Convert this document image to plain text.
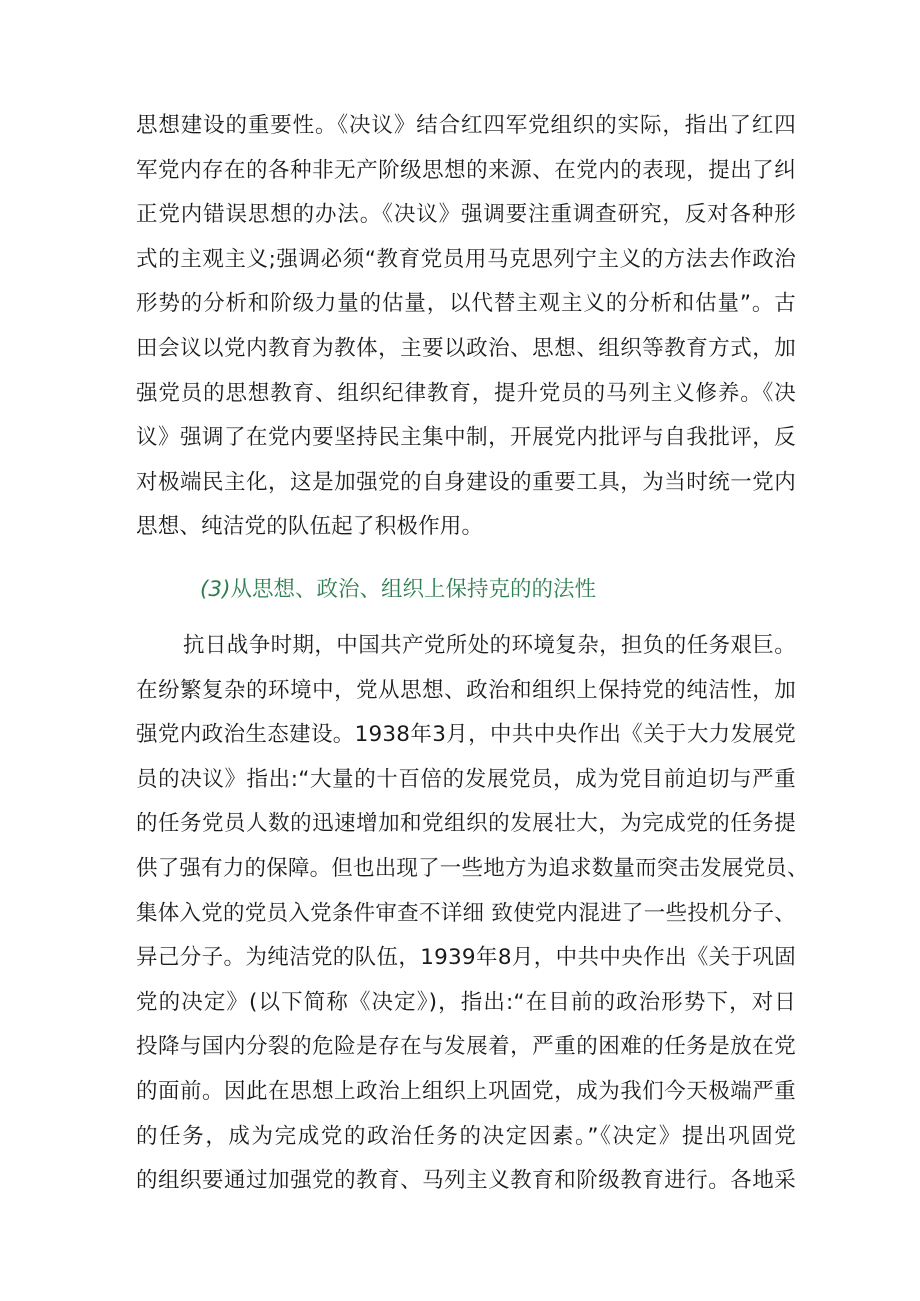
思想建设的重要性。《决议》结合红四军党组织的实际，指出了红四
军党内存在的各种非无产阶级思想的来源、在党内的表现，提出了纠
正党内错误思想的办法。《决议》强调要注重调查研究，反对各种形
式的主观主义;强调必须“教育党员用马克思列宁主义的方法去作政治
形势的分析和阶级力量的估量，以代替主观主义的分析和估量”。古
田会议以党内教育为教体，主要以政治、思想、组织等教育方式，加
强党员的思想教育、组织纪律教育，提升党员的马列主义修养。《决
议》强调了在党内要坚持民主集中制，开展党内批评与自我批评，反
对极端民主化，这是加强党的自身建设的重要工具，为当时统一党内
思想、纯洁党的队伍起了积极作用。
(3)从思想、政治、组织上保持克的的法性
抗日战争时期，中国共产党所处的环境复杂，担负的任务艰巨。
在纷繁复杂的环境中，党从思想、政治和组织上保持党的纯洁性，加
强党内政治生态建设。1938年3月，中共中央作出《关于大力发展党
员的决议》指出:“大量的十百倍的发展党员，成为党目前迫切与严重
的任务党员人数的迅速增加和党组织的发展壮大，为完成党的任务提
供了强有力的保障。但也出现了一些地方为追求数量而突击发展党员、
集体入党的党员入党条件审查不详细 致使党内混进了一些投机分子、
异己分子。为纯洁党的队伍，1939年8月，中共中央作出《关于巩固
党的决定》(以下简称《决定》)，指出:“在目前的政治形势下，对日
投降与国内分裂的危险是存在与发展着，严重的困难的任务是放在党
的面前。因此在思想上政治上组织上巩固党，成为我们今天极端严重
的任务，成为完成党的政治任务的决定因素。”《决定》提出巩固党
的组织要通过加强党的教育、马列主义教育和阶级教育进行。各地采
